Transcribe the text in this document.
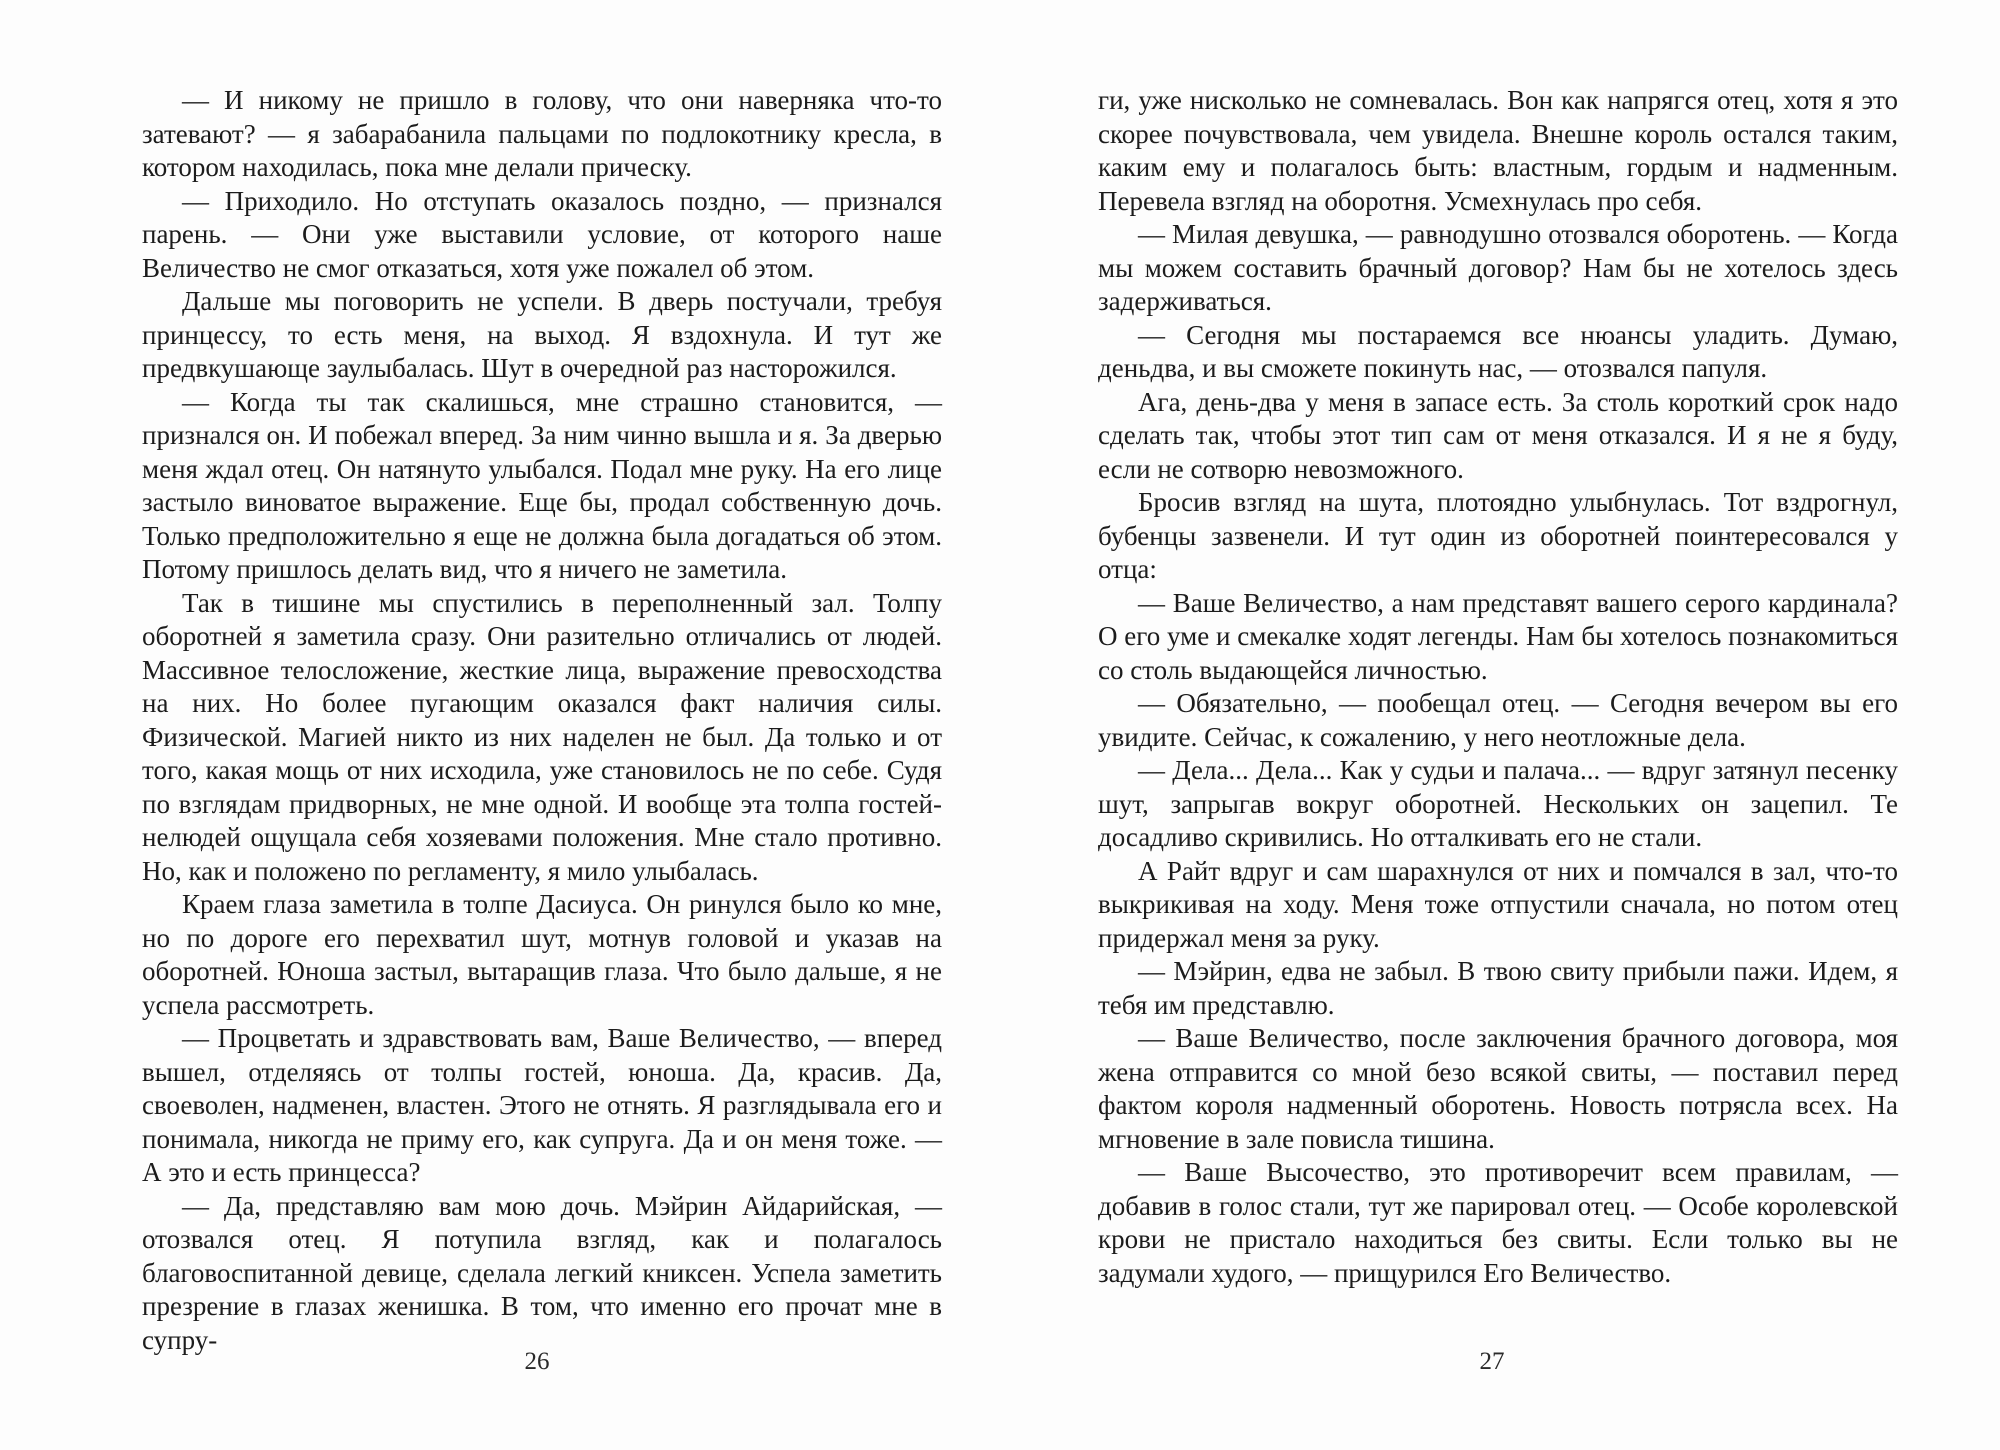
— И никому не пришло в голову, что они наверняка что-то затевают? — я забарабанила пальцами по подлокотнику кресла, в котором находилась, пока мне делали прическу.

— Приходило. Но отступать оказалось поздно, — признался парень. — Они уже выставили условие, от которого наше Величество не смог отказаться, хотя уже пожалел об этом.

Дальше мы поговорить не успели. В дверь постучали, требуя принцессу, то есть меня, на выход. Я вздохнула. И тут же предвкушающе заулыбалась. Шут в очередной раз насторожился.

— Когда ты так скалишься, мне страшно становится, — признался он. И побежал вперед. За ним чинно вышла и я. За дверью меня ждал отец. Он натянуто улыбался. Подал мне руку. На его лице застыло виноватое выражение. Еще бы, продал собственную дочь. Только предположительно я еще не должна была догадаться об этом. Потому пришлось делать вид, что я ничего не заметила.

Так в тишине мы спустились в переполненный зал. Толпу оборотней я заметила сразу. Они разительно отличались от людей. Массивное телосложение, жесткие лица, выражение превосходства на них. Но более пугающим оказался факт наличия силы. Физической. Магией никто из них наделен не был. Да только и от того, какая мощь от них исходила, уже становилось не по себе. Судя по взглядам придворных, не мне одной. И вообще эта толпа гостей-нелюдей ощущала себя хозяевами положения. Мне стало противно. Но, как и положено по регламенту, я мило улыбалась.

Краем глаза заметила в толпе Дасиуса. Он ринулся было ко мне, но по дороге его перехватил шут, мотнув головой и указав на оборотней. Юноша застыл, вытаращив глаза. Что было дальше, я не успела рассмотреть.

— Процветать и здравствовать вам, Ваше Величество, — вперед вышел, отделяясь от толпы гостей, юноша. Да, красив. Да, своеволен, надменен, властен. Этого не отнять. Я разглядывала его и понимала, никогда не приму его, как супруга. Да и он меня тоже. — А это и есть принцесса?

— Да, представляю вам мою дочь. Мэйрин Айдарийская, — отозвался отец. Я потупила взгляд, как и полагалось благовоспитанной девице, сделала легкий книксен. Успела заметить презрение в глазах женишка. В том, что именно его прочат мне в супру-

ги, уже нисколько не сомневалась. Вон как напрягся отец, хотя я это скорее почувствовала, чем увидела. Внешне король остался таким, каким ему и полагалось быть: властным, гордым и надменным. Перевела взгляд на оборотня. Усмехнулась про себя.

— Милая девушка, — равнодушно отозвался оборотень. — Когда мы можем составить брачный договор? Нам бы не хотелось здесь задерживаться.

— Сегодня мы постараемся все нюансы уладить. Думаю, деньдва, и вы сможете покинуть нас, — отозвался папуля.

Ага, день-два у меня в запасе есть. За столь короткий срок надо сделать так, чтобы этот тип сам от меня отказался. И я не я буду, если не сотворю невозможного.

Бросив взгляд на шута, плотоядно улыбнулась. Тот вздрогнул, бубенцы зазвенели. И тут один из оборотней поинтересовался у отца:

— Ваше Величество, а нам представят вашего серого кардинала? О его уме и смекалке ходят легенды. Нам бы хотелось познакомиться со столь выдающейся личностью.

— Обязательно, — пообещал отец. — Сегодня вечером вы его увидите. Сейчас, к сожалению, у него неотложные дела.

— Дела... Дела... Как у судьи и палача... — вдруг затянул песенку шут, запрыгав вокруг оборотней. Нескольких он зацепил. Те досадливо скривились. Но отталкивать его не стали.

А Райт вдруг и сам шарахнулся от них и помчался в зал, что-то выкрикивая на ходу. Меня тоже отпустили сначала, но потом отец придержал меня за руку.

— Мэйрин, едва не забыл. В твою свиту прибыли пажи. Идем, я тебя им представлю.

— Ваше Величество, после заключения брачного договора, моя жена отправится со мной безо всякой свиты, — поставил перед фактом короля надменный оборотень. Новость потрясла всех. На мгновение в зале повисла тишина.

— Ваше Высочество, это противоречит всем правилам, — добавив в голос стали, тут же парировал отец. — Особе королевской крови не пристало находиться без свиты. Если только вы не задумали худого, — прищурился Его Величество.

26	27
